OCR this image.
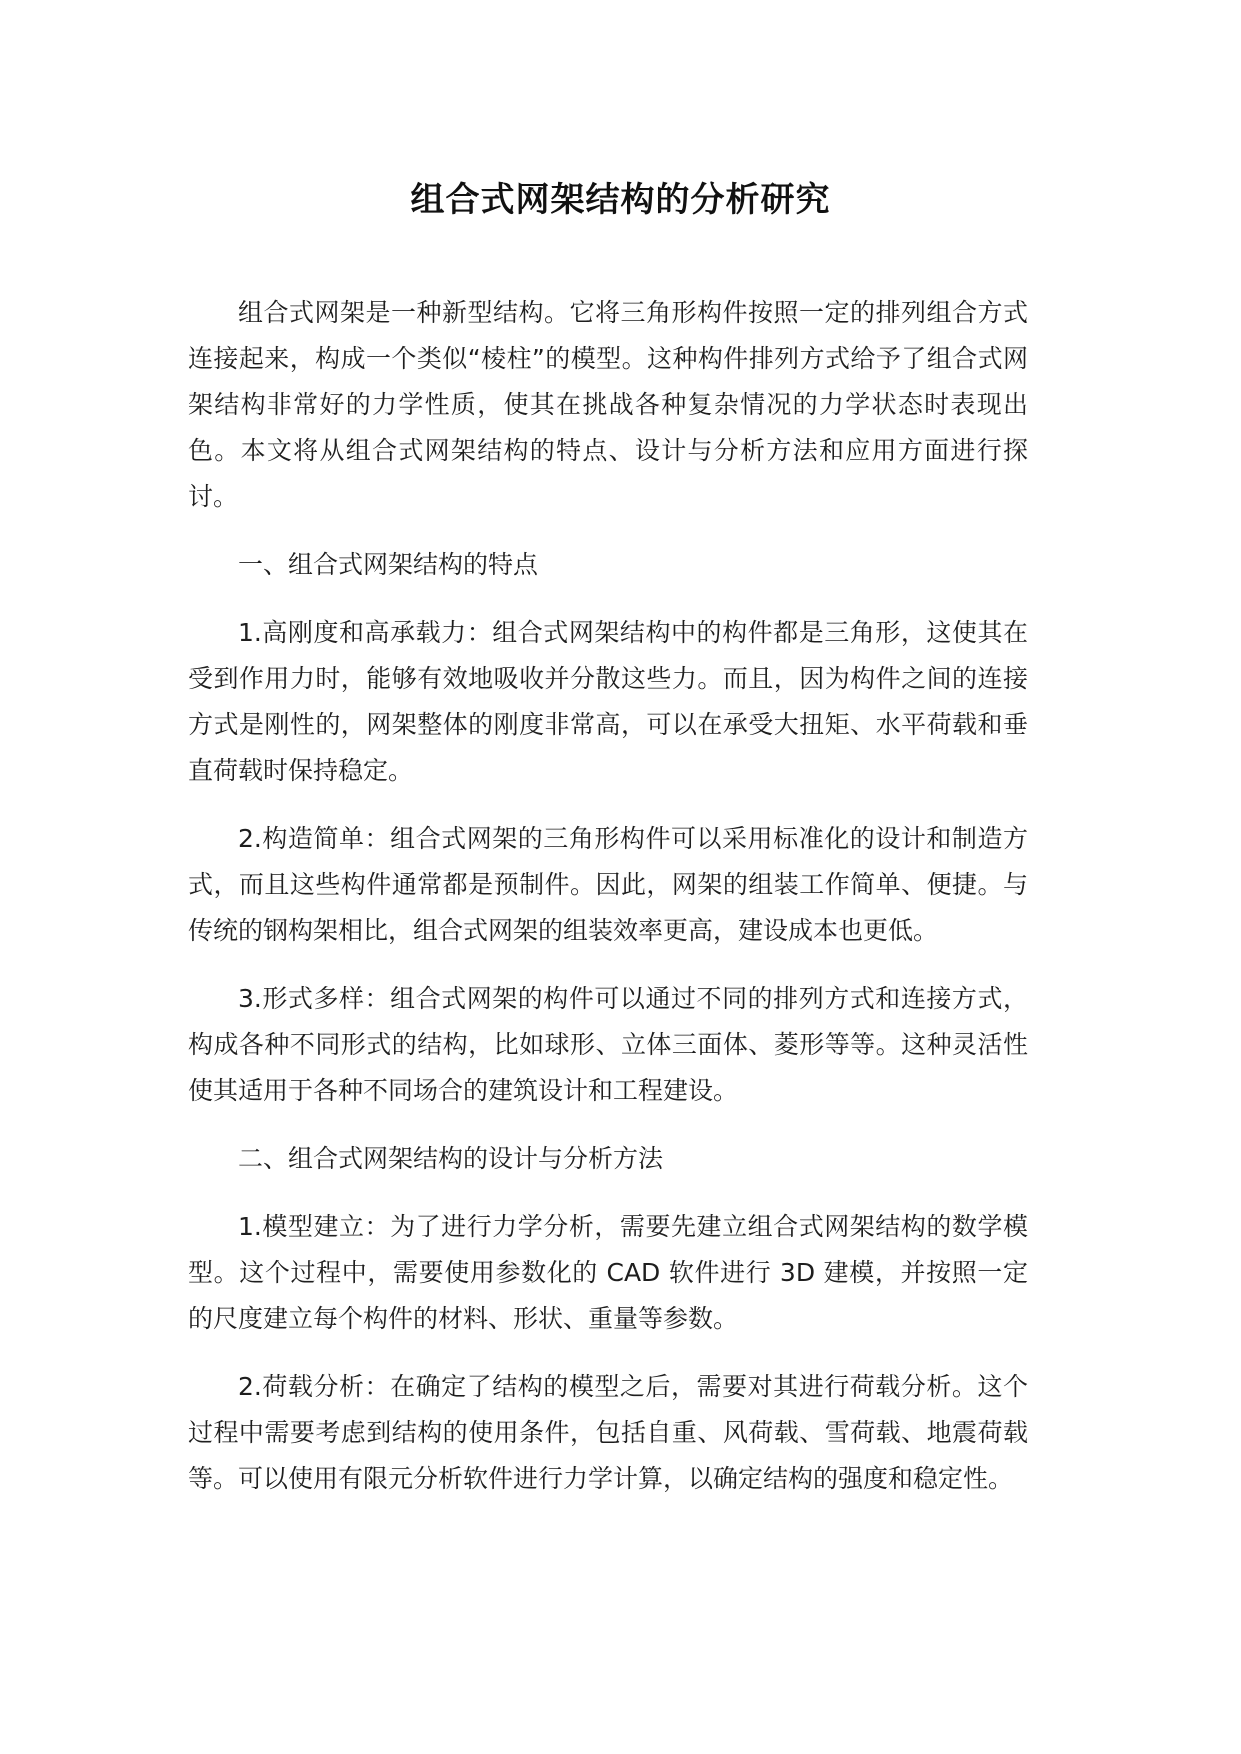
组合式网架结构的分析研究

组合式网架是一种新型结构。它将三角形构件按照一定的排列组合方式连接起来，构成一个类似“棱柱”的模型。这种构件排列方式给予了组合式网架结构非常好的力学性质，使其在挑战各种复杂情况的力学状态时表现出色。本文将从组合式网架结构的特点、设计与分析方法和应用方面进行探讨。

一、组合式网架结构的特点

1.高刚度和高承载力：组合式网架结构中的构件都是三角形，这使其在受到作用力时，能够有效地吸收并分散这些力。而且，因为构件之间的连接方式是刚性的，网架整体的刚度非常高，可以在承受大扭矩、水平荷载和垂直荷载时保持稳定。

2.构造简单：组合式网架的三角形构件可以采用标准化的设计和制造方式，而且这些构件通常都是预制件。因此，网架的组装工作简单、便捷。与传统的钢构架相比，组合式网架的组装效率更高，建设成本也更低。

3.形式多样：组合式网架的构件可以通过不同的排列方式和连接方式，构成各种不同形式的结构，比如球形、立体三面体、菱形等等。这种灵活性使其适用于各种不同场合的建筑设计和工程建设。

二、组合式网架结构的设计与分析方法

1.模型建立：为了进行力学分析，需要先建立组合式网架结构的数学模型。这个过程中，需要使用参数化的 CAD 软件进行 3D 建模，并按照一定的尺度建立每个构件的材料、形状、重量等参数。

2.荷载分析：在确定了结构的模型之后，需要对其进行荷载分析。这个过程中需要考虑到结构的使用条件，包括自重、风荷载、雪荷载、地震荷载等。可以使用有限元分析软件进行力学计算，以确定结构的强度和稳定性。
